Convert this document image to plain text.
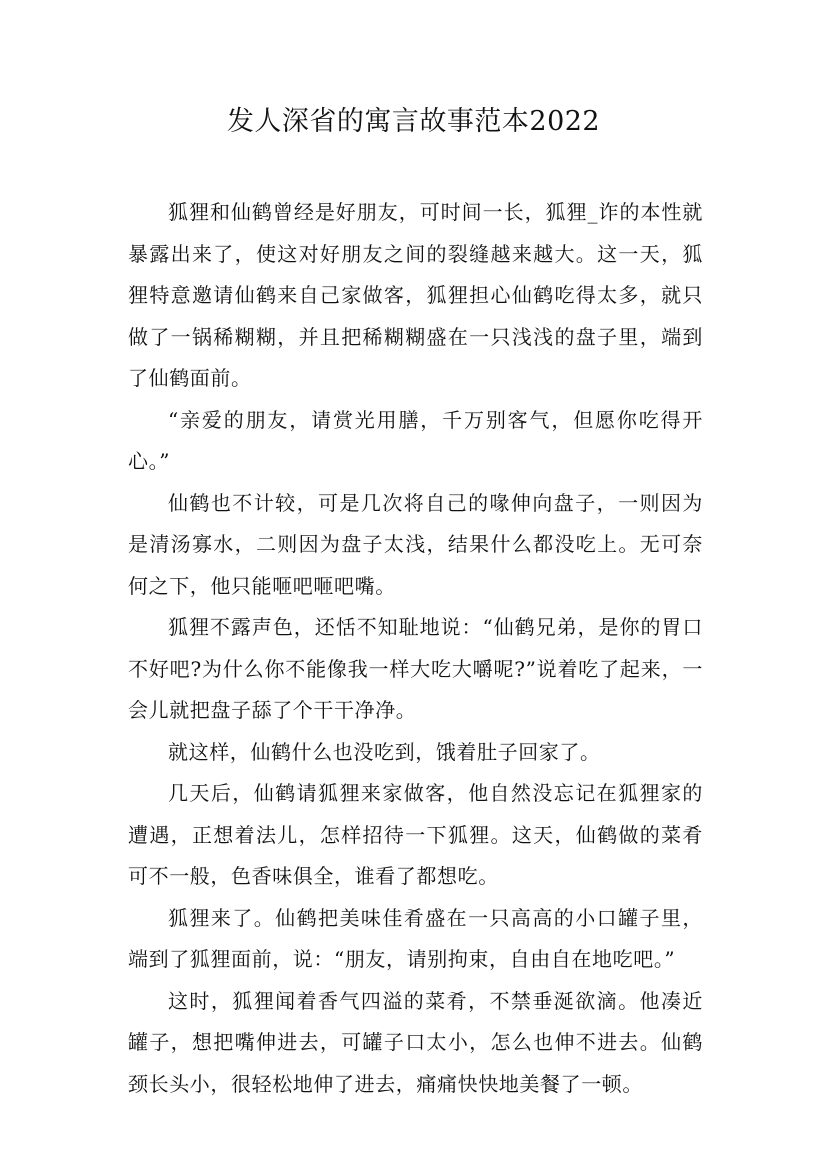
发人深省的寓言故事范本2022

狐狸和仙鹤曾经是好朋友，可时间一长，狐狸_诈的本性就暴露出来了，使这对好朋友之间的裂缝越来越大。这一天，狐狸特意邀请仙鹤来自己家做客，狐狸担心仙鹤吃得太多，就只做了一锅稀糊糊，并且把稀糊糊盛在一只浅浅的盘子里，端到了仙鹤面前。

“亲爱的朋友，请赏光用膳，千万别客气，但愿你吃得开心。”

仙鹤也不计较，可是几次将自己的喙伸向盘子，一则因为是清汤寡水，二则因为盘子太浅，结果什么都没吃上。无可奈何之下，他只能咂吧咂吧嘴。

狐狸不露声色，还恬不知耻地说：“仙鹤兄弟，是你的胃口不好吧?为什么你不能像我一样大吃大嚼呢?”说着吃了起来，一会儿就把盘子舔了个干干净净。

就这样，仙鹤什么也没吃到，饿着肚子回家了。

几天后，仙鹤请狐狸来家做客，他自然没忘记在狐狸家的遭遇，正想着法儿，怎样招待一下狐狸。这天，仙鹤做的菜肴可不一般，色香味俱全，谁看了都想吃。

狐狸来了。仙鹤把美味佳肴盛在一只高高的小口罐子里，端到了狐狸面前，说：“朋友，请别拘束，自由自在地吃吧。”

这时，狐狸闻着香气四溢的菜肴，不禁垂涎欲滴。他凑近罐子，想把嘴伸进去，可罐子口太小，怎么也伸不进去。仙鹤颈长头小，很轻松地伸了进去，痛痛快快地美餐了一顿。
